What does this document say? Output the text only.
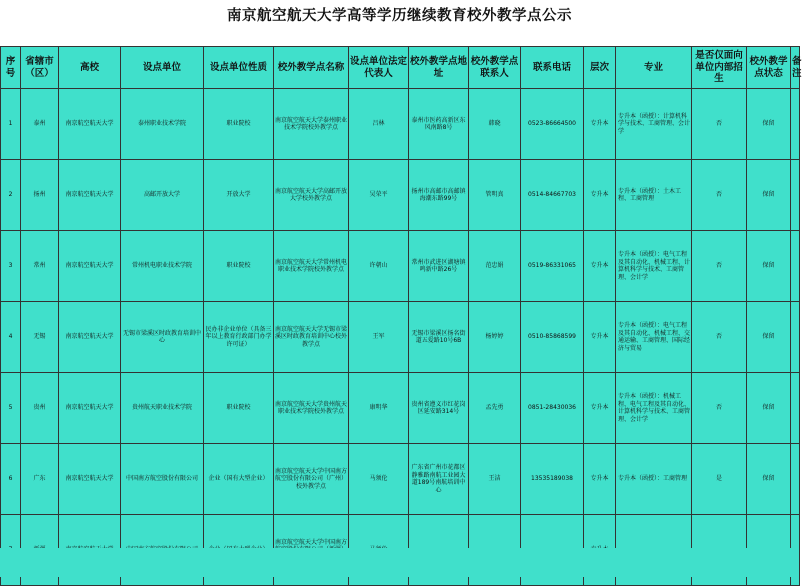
南京航空航天大学高等学历继续教育校外教学点公示
序号	省辖市（区）	高校	设点单位	设点单位性质	校外教学点名称	设点单位法定代表人	校外教学点地址	校外教学点联系人	联系电话	层次	专业	是否仅面向单位内部招生	校外教学点状态	备注
1	泰州	南京航空航天大学	泰州职业技术学院	职业院校	南京航空航天大学泰州职业技术学院校外教学点	吕林	泰州市医药高新区东风南路8号	韩晓	0523-86664500	专升本	专升本（函授）：计算机科学与技术、工商管理、会计学	否	保留	
2	扬州	南京航空航天大学	高邮开放大学	开放大学	南京航空航天大学高邮开放大学校外教学点	吴荣平	扬州市高邮市高邮镇海潮东路99号	管明真	0514-84667703	专升本	专升本（函授）：土木工程、工商管理	否	保留	
3	常州	南京航空航天大学	常州机电职业技术学院	职业院校	南京航空航天大学常州机电职业技术学院校外教学点	许朝山	常州市武进区湖塘镇鸣新中路26号	范忠娟	0519-86331065	专升本	专升本（函授）：电气工程及其自动化、机械工程、计算机科学与技术、工商管理、会计学	否	保留	
4	无锡	南京航空航天大学	无锡市梁溪区时政教育培训中心	民办非企业单位（具备三年以上教育行政部门办学许可证）	南京航空航天大学无锡市梁溪区时政教育培训中心校外教学点	王军	无锡市梁溪区扬名街道五爱路10号6B	杨婷婷	0510-85868599	专升本	专升本（函授）：电气工程及其自动化、机械工程、交通运输、工商管理、国际经济与贸易	否	保留	
5	贵州	南京航空航天大学	贵州航天职业技术学院	职业院校	南京航空航天大学贵州航天职业技术学院校外教学点	康明华	贵州省遵义市红花岗区延安路314号	孟先勇	0851-28430036	专升本	专升本（函授）：机械工程、电气工程及其自动化、计算机科学与技术、工商管理、会计学	否	保留	
6	广东	南京航空航天大学	中国南方航空股份有限公司	企业（国有大型企业）	南京航空航天大学中国南方航空股份有限公司（广州）校外教学点	马须伦	广东省广州市花都区静雅路南航工业园大道189号南航培训中心	王洁	13535189038	专升本	专升本（函授）：工商管理	是	保留	
					南京航空航天大学中国南方									
